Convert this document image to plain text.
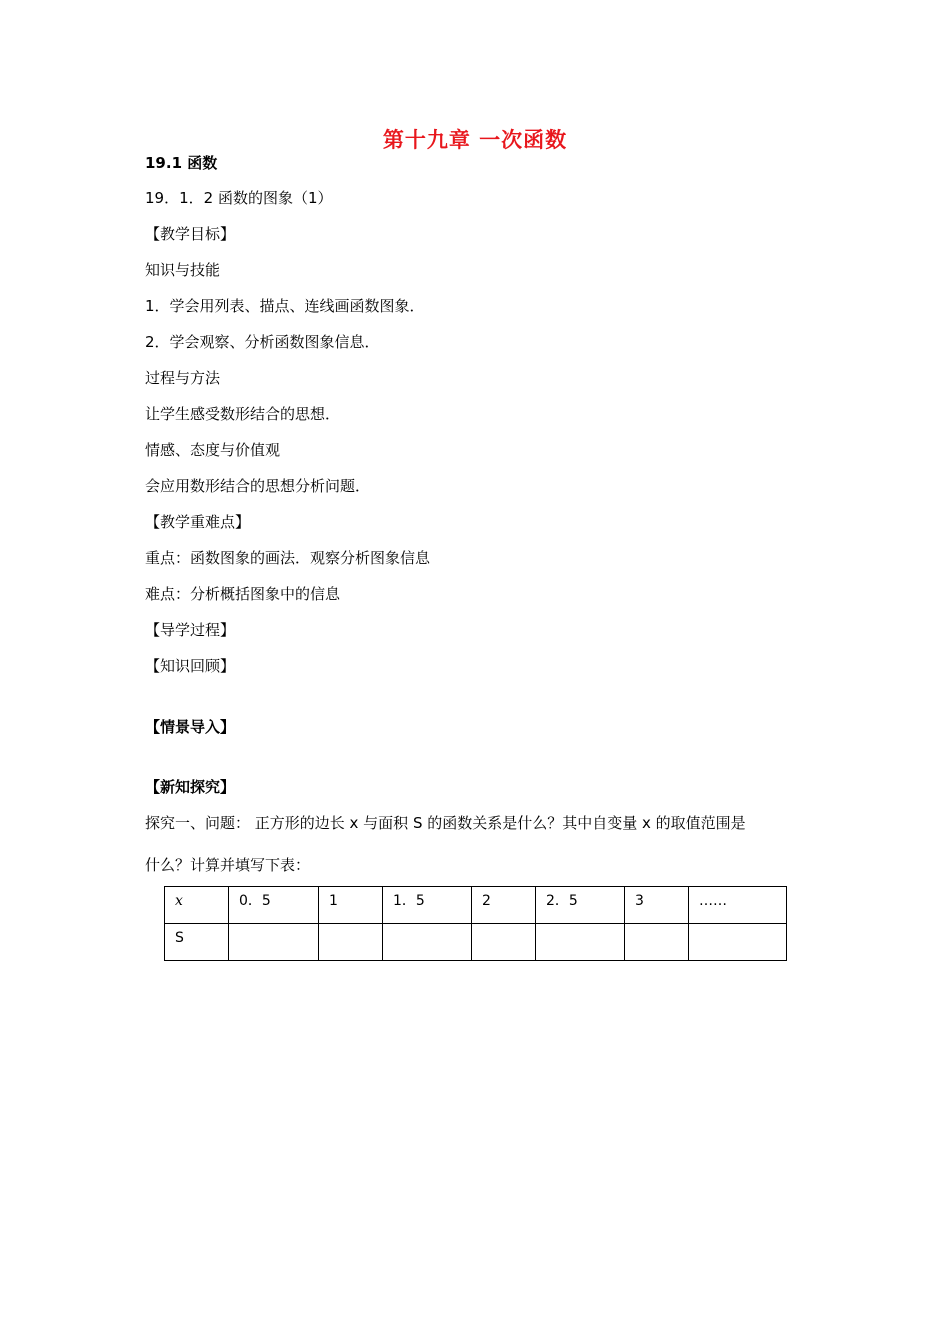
第十九章 一次函数
19.1 函数
19．1．2 函数的图象（1）
【教学目标】
知识与技能
1．学会用列表、描点、连线画函数图象．
2．学会观察、分析函数图象信息．
过程与方法
让学生感受数形结合的思想．
情感、态度与价值观
会应用数形结合的思想分析问题．
【教学重难点】
重点：函数图象的画法．观察分析图象信息
难点：分析概括图象中的信息
【导学过程】
【知识回顾】
【情景导入】
【新知探究】
探究一、问题： 正方形的边长 x 与面积 S 的函数关系是什么？其中自变量 x 的取值范围是
什么？计算并填写下表：
x	0．5	1	1．5	2	2．5	3	……
S							
